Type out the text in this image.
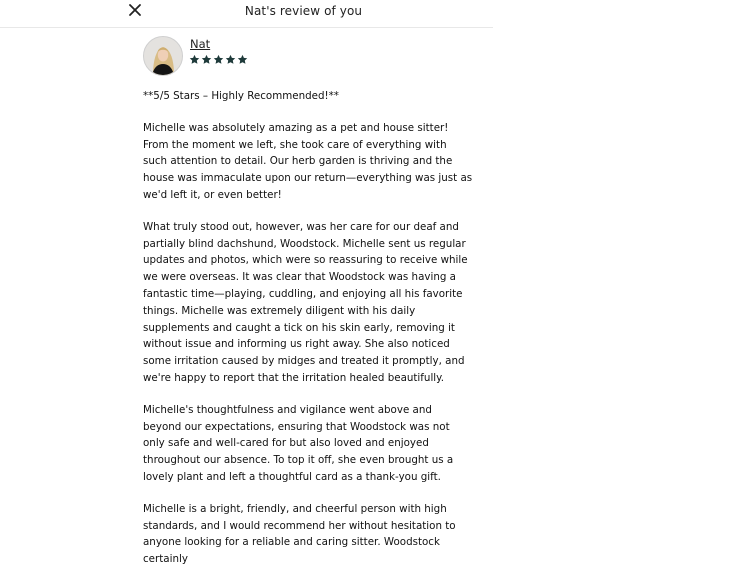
Nat's review of you
Nat

**5/5 Stars – Highly Recommended!**

Michelle was absolutely amazing as a pet and house sitter! From the moment we left, she took care of everything with such attention to detail. Our herb garden is thriving and the house was immaculate upon our return—everything was just as we'd left it, or even better!

What truly stood out, however, was her care for our deaf and partially blind dachshund, Woodstock. Michelle sent us regular updates and photos, which were so reassuring to receive while we were overseas. It was clear that Woodstock was having a fantastic time—playing, cuddling, and enjoying all his favorite things. Michelle was extremely diligent with his daily supplements and caught a tick on his skin early, removing it without issue and informing us right away. She also noticed some irritation caused by midges and treated it promptly, and we're happy to report that the irritation healed beautifully.

Michelle's thoughtfulness and vigilance went above and beyond our expectations, ensuring that Woodstock was not only safe and well-cared for but also loved and enjoyed throughout our absence. To top it off, she even brought us a lovely plant and left a thoughtful card as a thank-you gift.

Michelle is a bright, friendly, and cheerful person with high standards, and I would recommend her without hesitation to anyone looking for a reliable and caring sitter. Woodstock certainly
